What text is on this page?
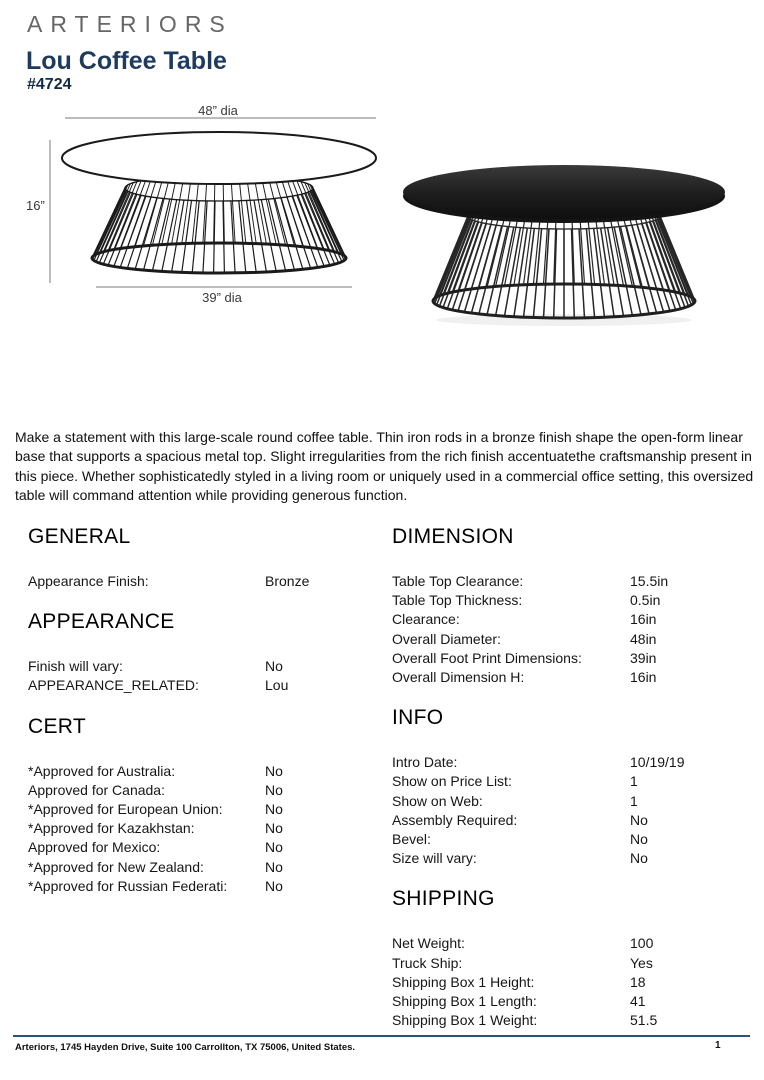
ARTERIORS
Lou Coffee Table
#4724
48” dia
16”
39” dia

Make a statement with this large-scale round coffee table. Thin iron rods in a bronze finish shape the open-form linear base that supports a spacious metal top. Slight irregularities from the rich finish accentuatethe craftsmanship present in this piece. Whether sophisticatedly styled in a living room or uniquely used in a commercial office setting, this oversized table will command attention while providing generous function.

GENERAL
Appearance Finish:	Bronze
APPEARANCE
Finish will vary:	No
APPEARANCE_RELATED:	Lou
CERT
*Approved for Australia:	No
Approved for Canada:	No
*Approved for European Union:	No
*Approved for Kazakhstan:	No
Approved for Mexico:	No
*Approved for New Zealand:	No
*Approved for Russian Federati:	No
DIMENSION
Table Top Clearance:	15.5in
Table Top Thickness:	0.5in
Clearance:	16in
Overall Diameter:	48in
Overall Foot Print Dimensions:	39in
Overall Dimension H:	16in
INFO
Intro Date:	10/19/19
Show on Price List:	1
Show on Web:	1
Assembly Required:	No
Bevel:	No
Size will vary:	No
SHIPPING
Net Weight:	100
Truck Ship:	Yes
Shipping Box 1 Height:	18
Shipping Box 1 Length:	41
Shipping Box 1 Weight:	51.5
Arteriors, 1745 Hayden Drive, Suite 100 Carrollton, TX 75006, United States.	1
